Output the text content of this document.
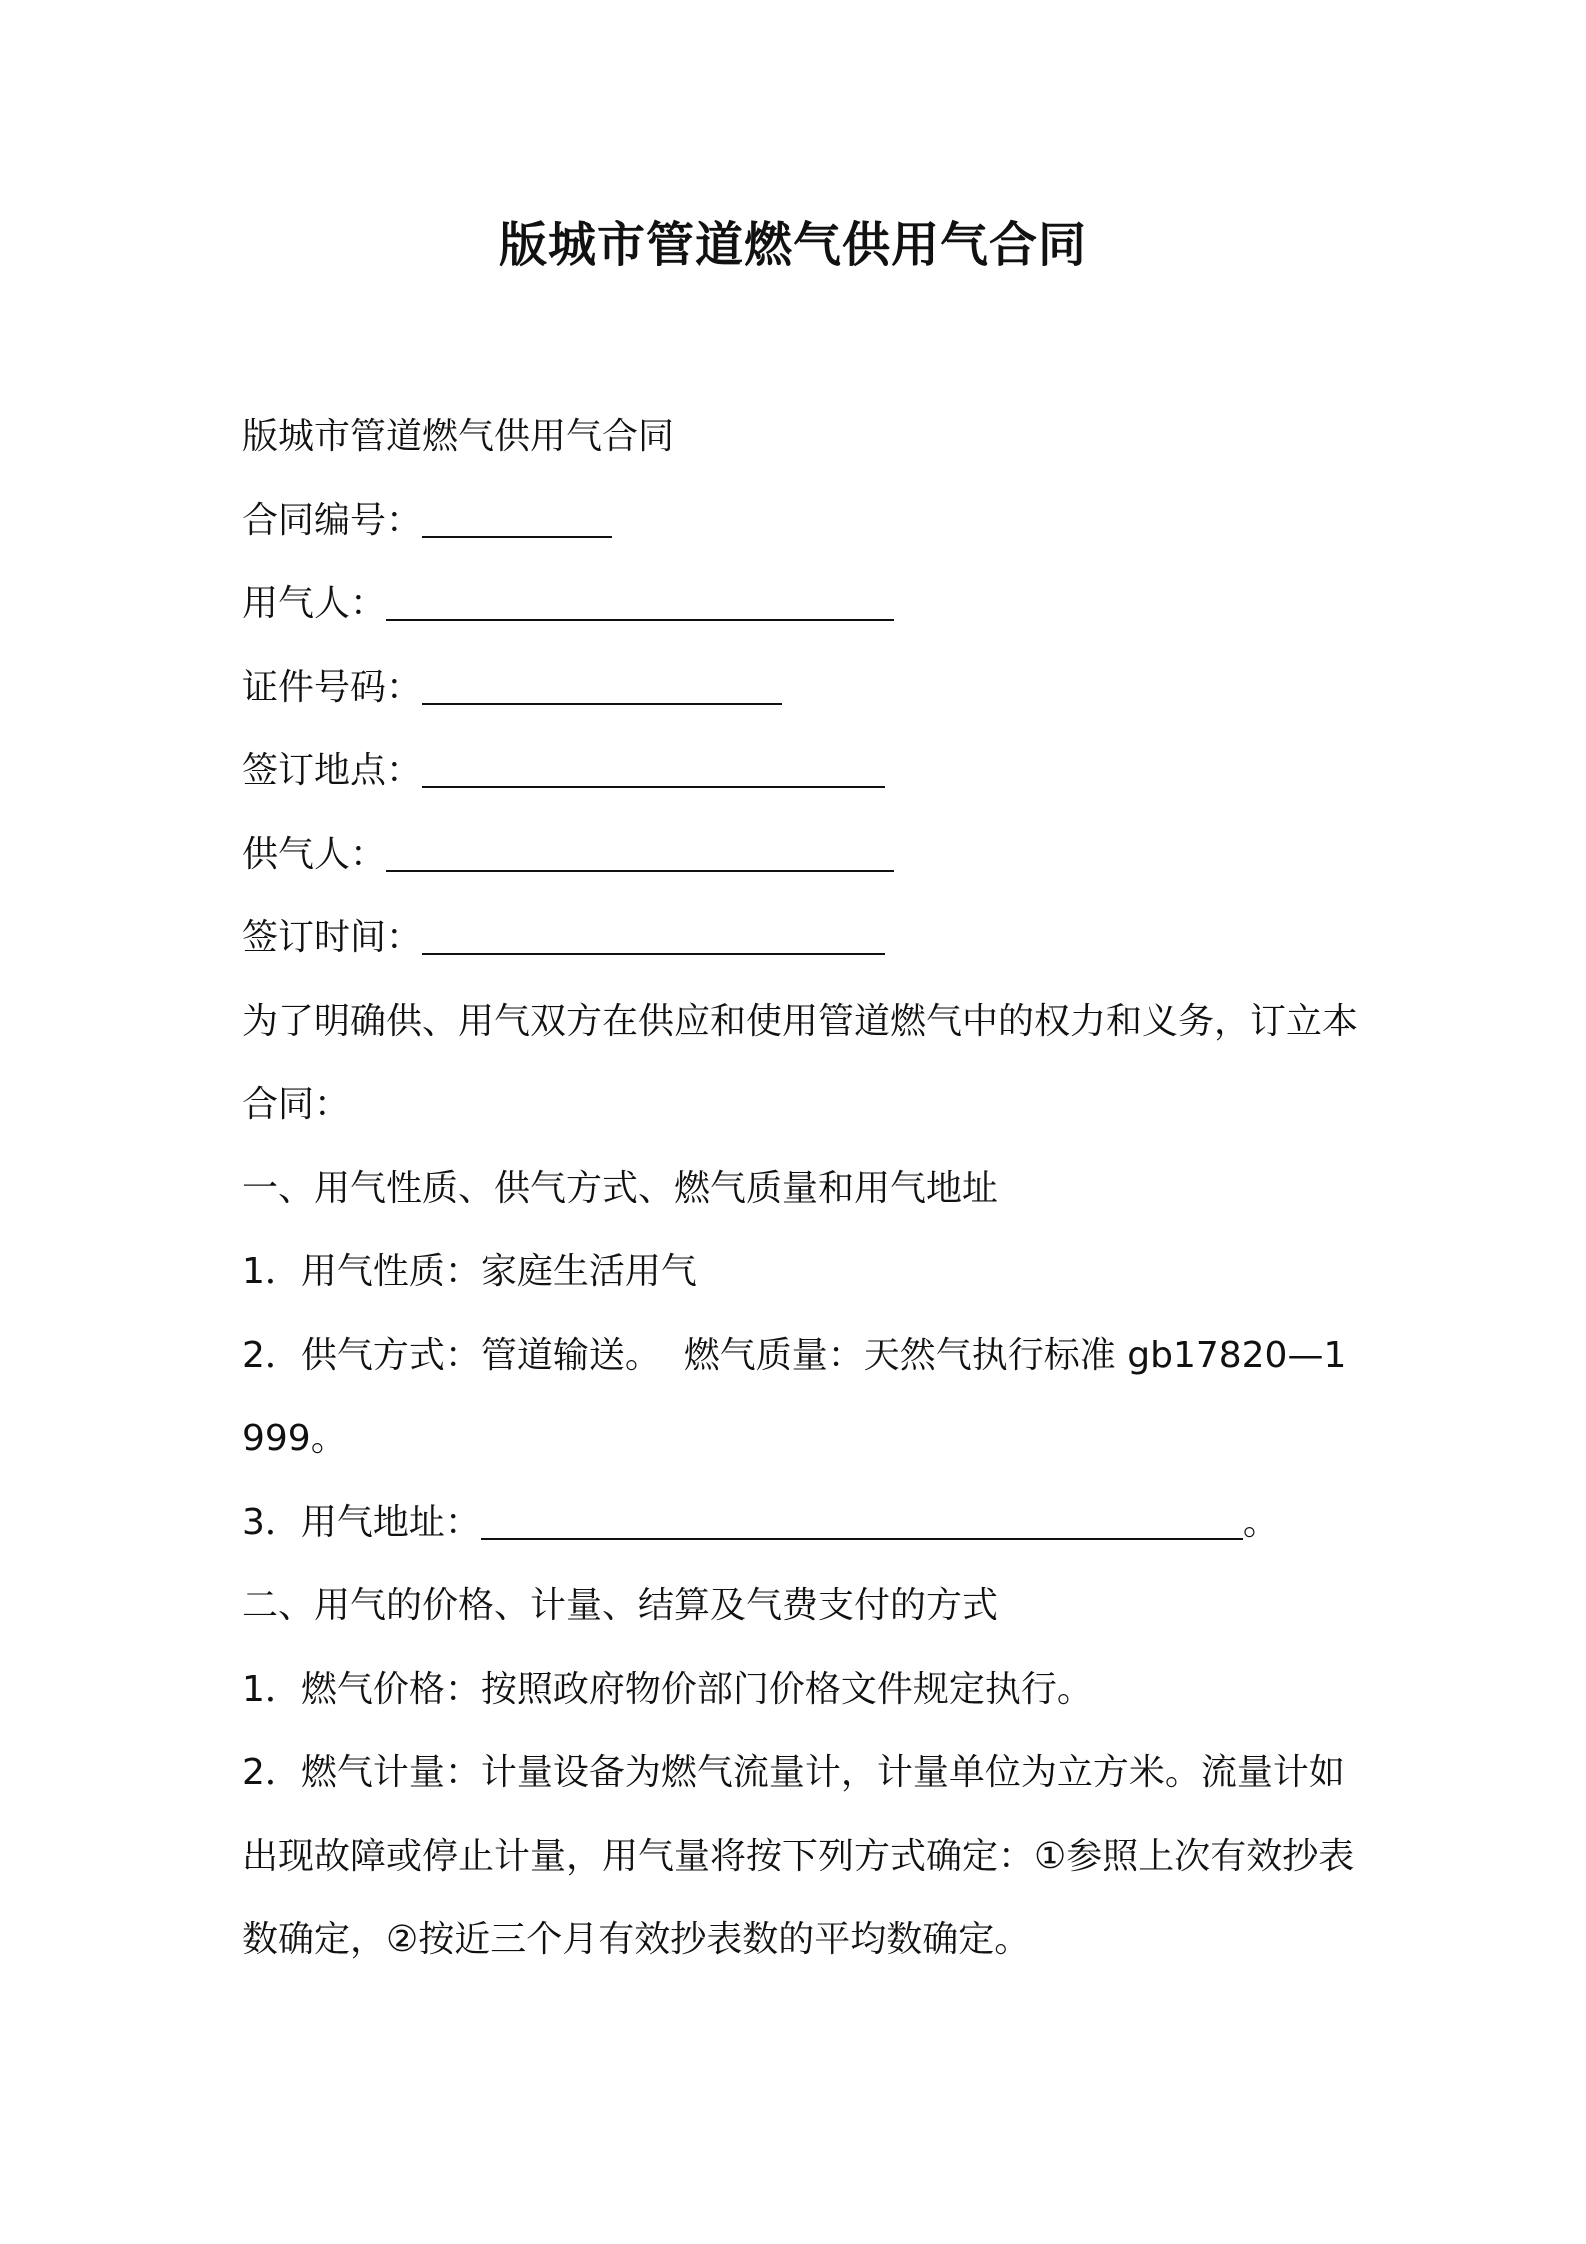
版城市管道燃气供用气合同

版城市管道燃气供用气合同

合同编号：

用气人：

证件号码：

签订地点：

供气人：

签订时间：

为了明确供、用气双方在供应和使用管道燃气中的权力和义务，订立本合同：

一、用气性质、供气方式、燃气质量和用气地址

1．用气性质：家庭生活用气

2．供气方式：管道输送。  燃气质量：天然气执行标准 gb17820—1999。

3．用气地址：	。

二、用气的价格、计量、结算及气费支付的方式

1．燃气价格：按照政府物价部门价格文件规定执行。

2．燃气计量：计量设备为燃气流量计，计量单位为立方米。流量计如出现故障或停止计量，用气量将按下列方式确定：①参照上次有效抄表数确定，②按近三个月有效抄表数的平均数确定。
